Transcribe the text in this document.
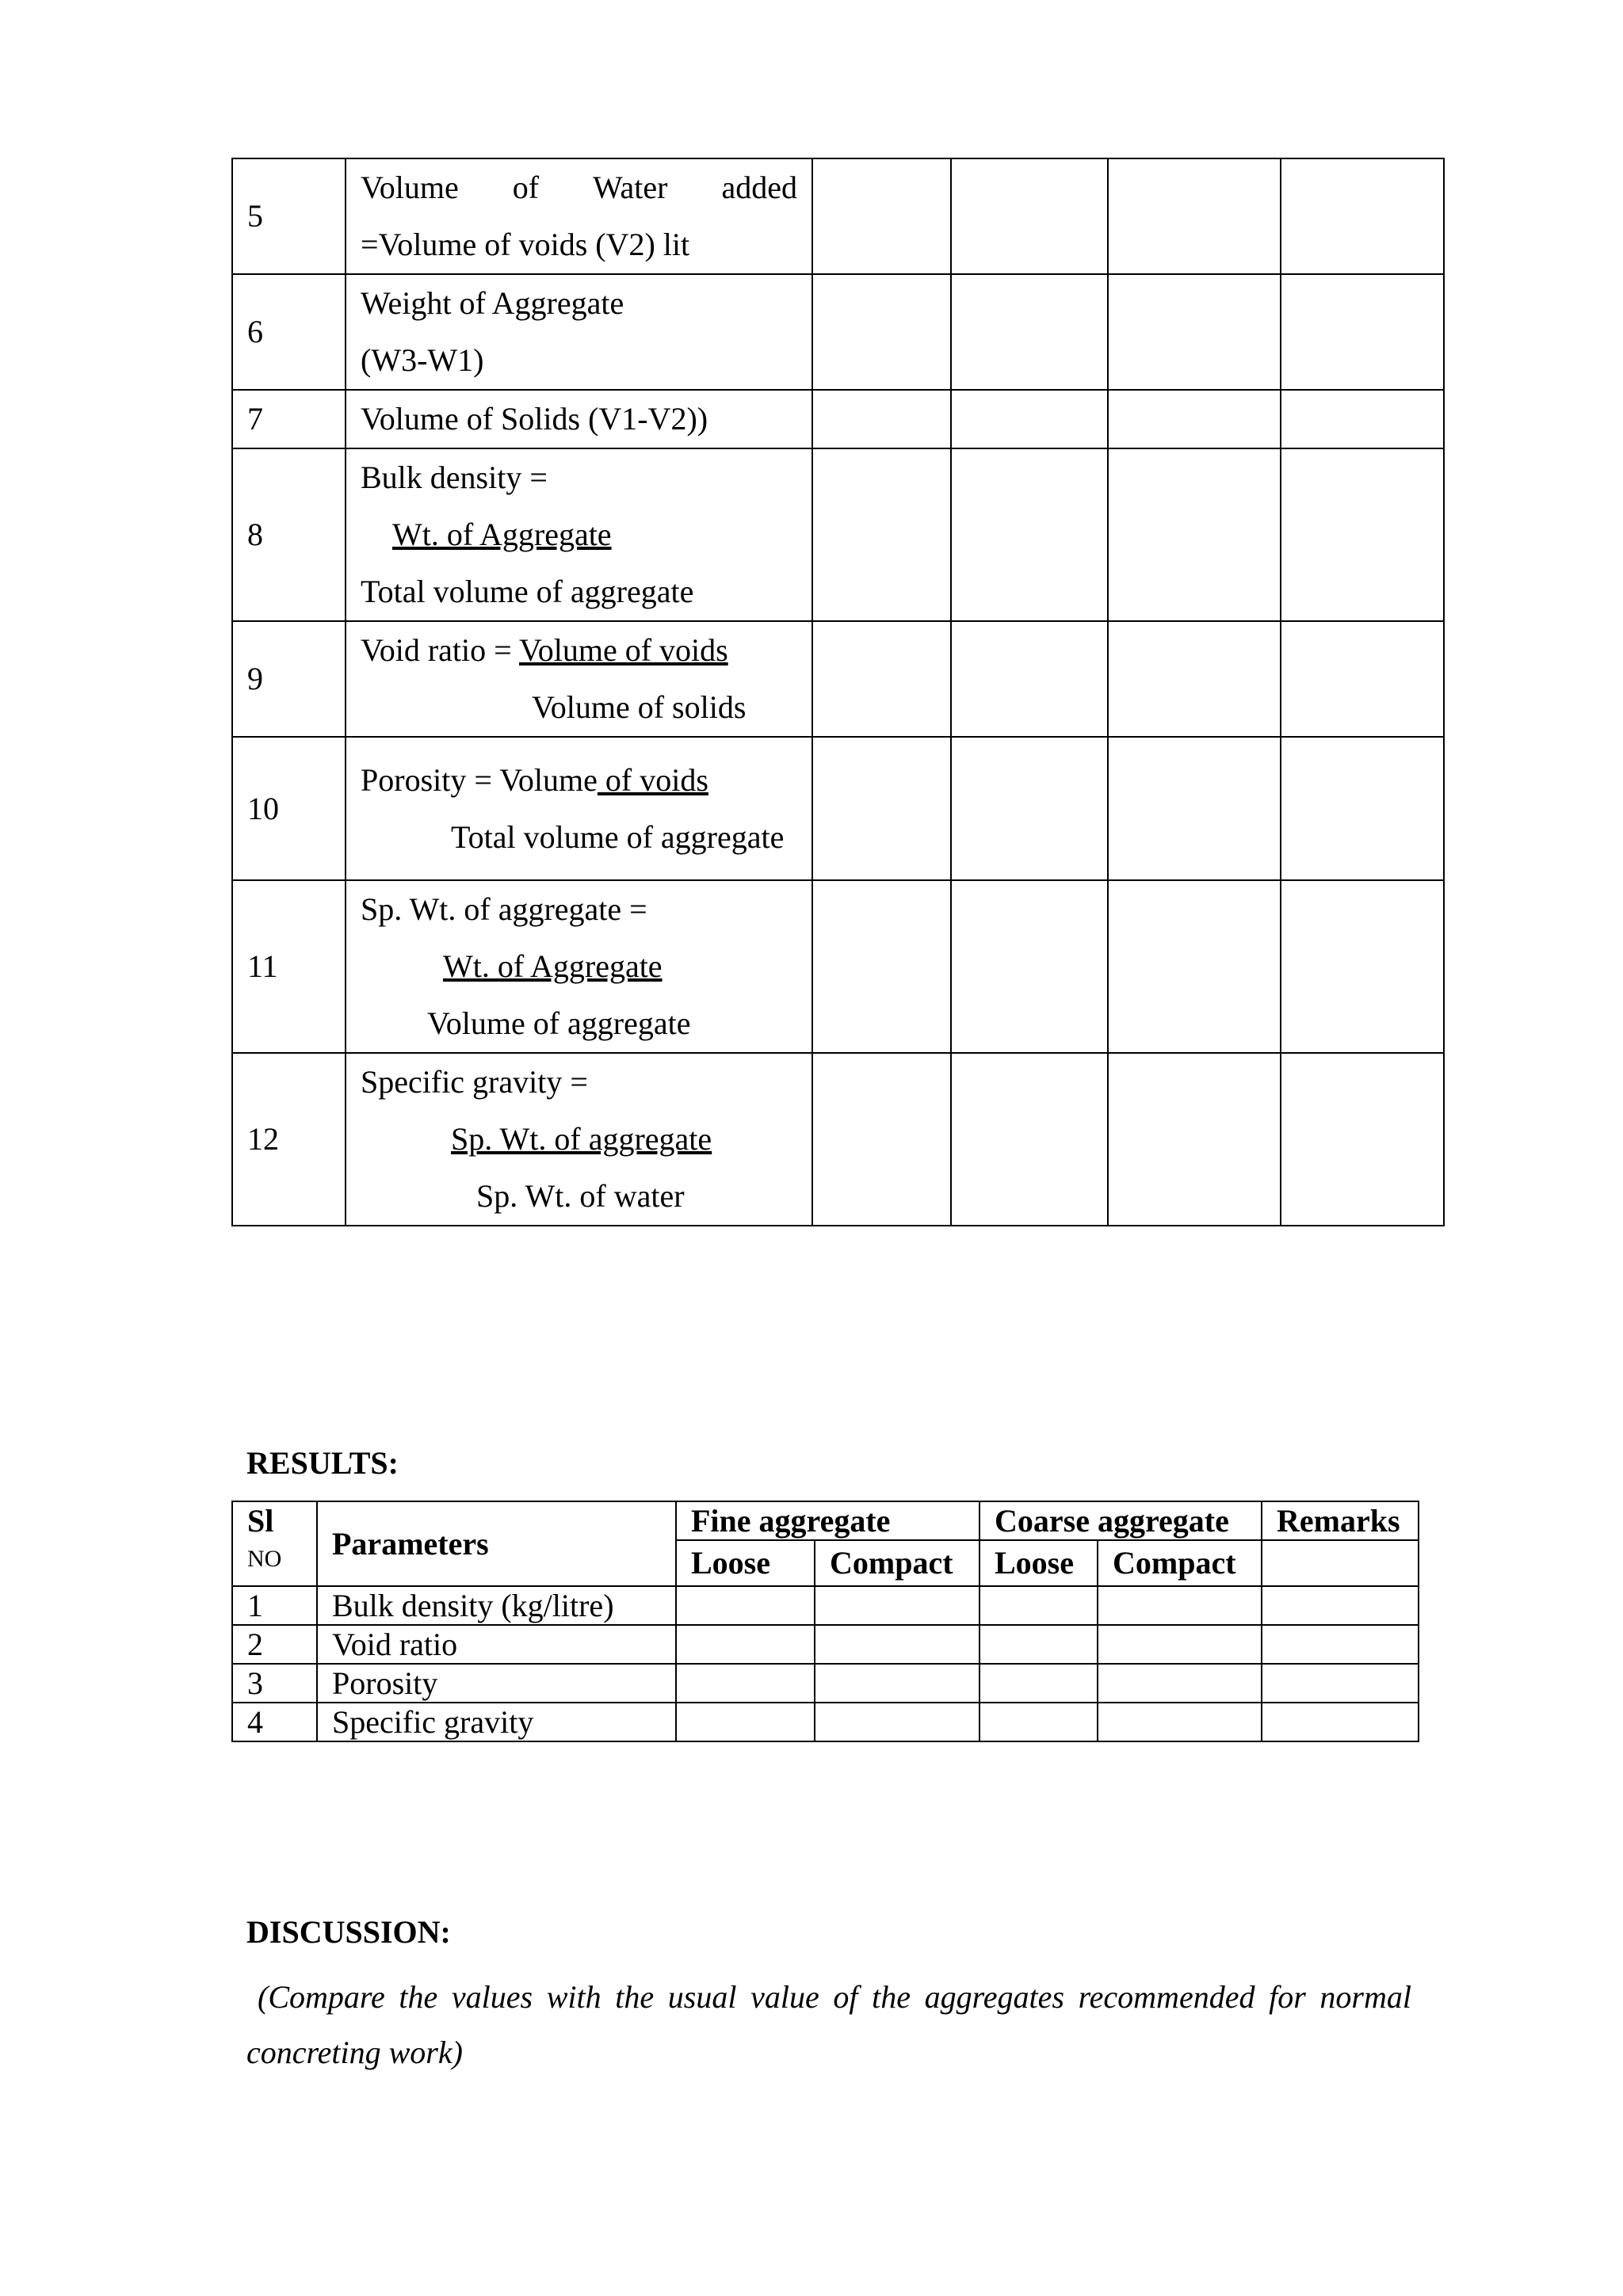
5	Volume of Water added
=Volume of voids (V2) lit				

6	Weight of Aggregate
(W3-W1)				

7	Volume of Solids (V1-V2))				
8	Bulk density =
Wt. of Aggregate
Total volume of aggregate				

9	Void ratio = Volume of voids
Volume of solids				

10	Porosity = Volume of voids
Total volume of aggregate				

11	Sp. Wt. of aggregate =
Wt. of Aggregate
Volume of aggregate				

12	Specific gravity =
Sp. Wt. of aggregate
Sp. Wt. of water				

RESULTS:
Sl
NO	Parameters	Fine aggregate		Coarse aggregate		Remarks
		Loose	Compact	Loose	Compact	
1	Bulk density (kg/litre)					
2	Void ratio					
3	Porosity					
4	Specific gravity					
DISCUSSION:
(Compare the values with the usual value of the aggregates recommended for normal
concreting work)
